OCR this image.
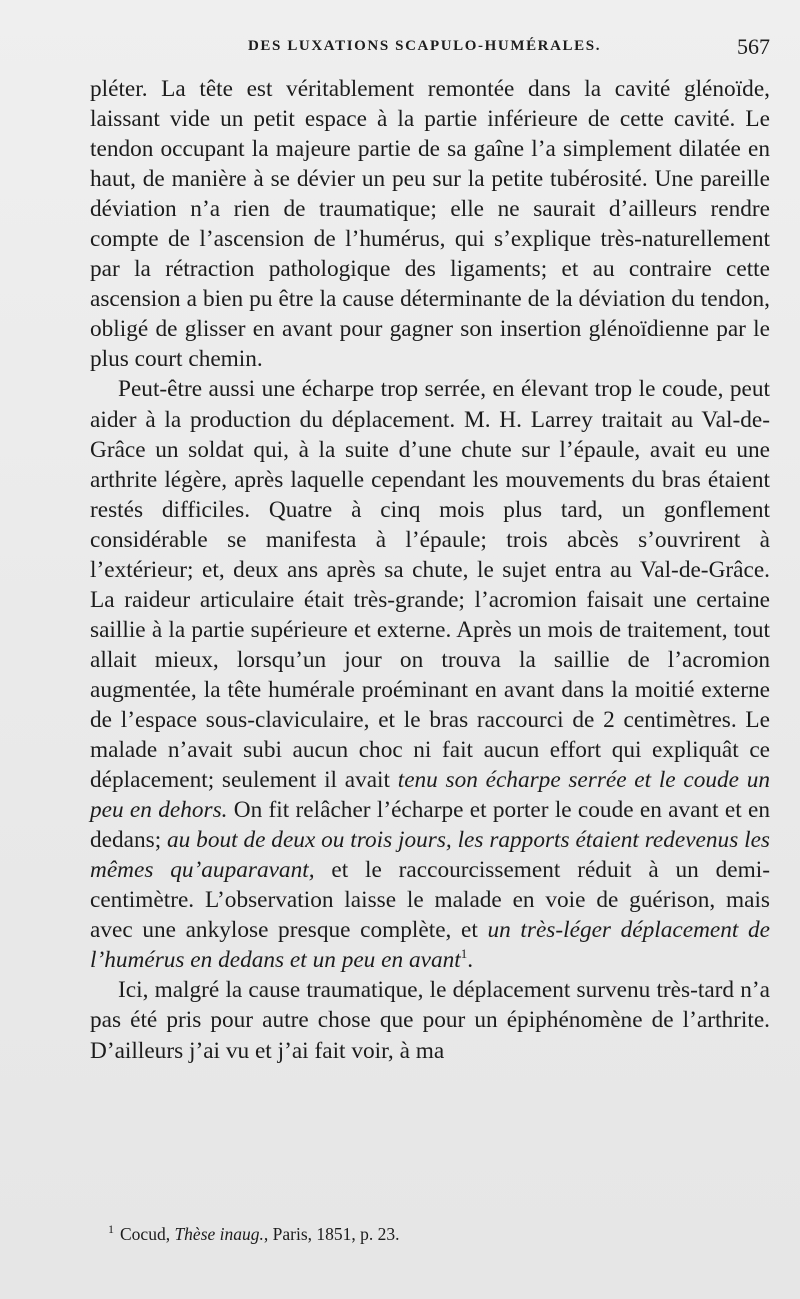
DES LUXATIONS SCAPULO-HUMÉRALES.	567

pléter. La tête est véritablement remontée dans la cavité glénoïde, laissant vide un petit espace à la partie inférieure de cette cavité. Le tendon occupant la majeure partie de sa gaîne l’a simplement dilatée en haut, de manière à se dévier un peu sur la petite tubérosité. Une pareille déviation n’a rien de traumatique; elle ne saurait d’ailleurs rendre compte de l’ascension de l’humérus, qui s’explique très-naturellement par la rétraction pathologique des ligaments; et au contraire cette ascension a bien pu être la cause déterminante de la déviation du tendon, obligé de glisser en avant pour gagner son insertion glénoïdienne par le plus court chemin.

Peut-être aussi une écharpe trop serrée, en élevant trop le coude, peut aider à la production du déplacement. M. H. Larrey traitait au Val-de-Grâce un soldat qui, à la suite d’une chute sur l’épaule, avait eu une arthrite légère, après laquelle cependant les mouvements du bras étaient restés difficiles. Quatre à cinq mois plus tard, un gonflement considérable se manifesta à l’épaule; trois abcès s’ouvrirent à l’extérieur; et, deux ans après sa chute, le sujet entra au Val-de-Grâce. La raideur articulaire était très-grande; l’acromion faisait une certaine saillie à la partie supérieure et externe. Après un mois de traitement, tout allait mieux, lorsqu’un jour on trouva la saillie de l’acromion augmentée, la tête humérale proéminant en avant dans la moitié externe de l’espace sous-claviculaire, et le bras raccourci de 2 centimètres. Le malade n’avait subi aucun choc ni fait aucun effort qui expliquât ce déplacement; seulement il avait tenu son écharpe serrée et le coude un peu en dehors. On fit relâcher l’écharpe et porter le coude en avant et en dedans; au bout de deux ou trois jours, les rapports étaient redevenus les mêmes qu’auparavant, et le raccourcissement réduit à un demi-centimètre. L’observation laisse le malade en voie de guérison, mais avec une ankylose presque complète, et un très-léger déplacement de l’humérus en dedans et un peu en avant$^1$.

Ici, malgré la cause traumatique, le déplacement survenu très-tard n’a pas été pris pour autre chose que pour un épiphénomène de l’arthrite. D’ailleurs j’ai vu et j’ai fait voir, à ma

$^1$ Cocud, Thèse inaug., Paris, 1851, p. 23.
